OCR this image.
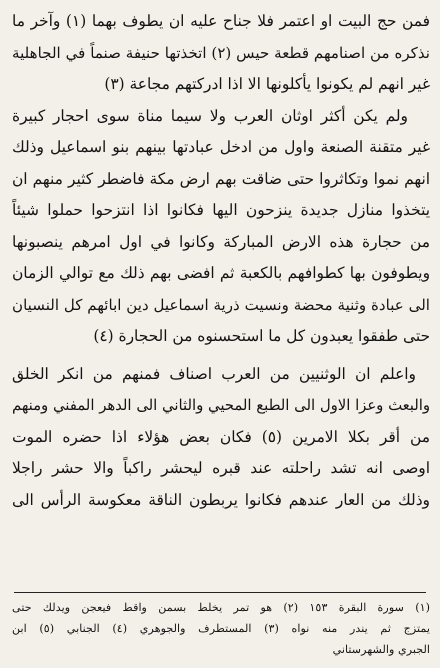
فمن حج البيت او اعتمر فلا جناح عليه ان يطوف بهما (١) وآخر ما
نذكره من اصنامهم قطعة حيس (٢) اتخذتها حنيفة صنماً في الجاهلية
غير انهم لم يكونوا يأكلونها الا اذا ادركتهم مجاعة (٣)
ولم يكن أكثر اوثان العرب ولا سيما مناة سوى احجار كبيرة
غير متقنة الصنعة واول من ادخل عبادتها بينهم بنو اسماعيل وذلك
انهم نموا وتكاثروا حتى ضاقت بهم ارض مكة فاضطر كثير منهم ان
يتخذوا منازل جديدة ينزحون اليها فكانوا اذا انتزحوا حملوا شيئاً
من حجارة هذه الارض المباركة وكانوا في اول امرهم ينصبونها
ويطوفون بها كطوافهم بالكعبة ثم افضى بهم ذلك مع توالي الزمان
الى عبادة وثنية محضة ونسيت ذرية اسماعيل دين ابائهم كل النسيان
حتى طفقوا يعبدون كل ما استحسنوه من الحجارة (٤)
واعلم ان الوثنيين من العرب اصناف فمنهم من انكر الخلق
والبعث وعزا الاول الى الطبع المحيي والثاني الى الدهر المفني ومنهم
من أقر بكلا الامرين (٥) فكان بعض هؤلاء اذا حضره الموت
اوصى انه تشد راحلته عند قبره ليحشر راكباً والا حشر راجلا
وذلك من العار عندهم فكانوا يربطون الناقة معكوسة الرأس الى
(١) سورة البقرة ١٥٣ (٢) هو تمر يخلط بسمن واقط فيعجن ويدلك حتى
يمتزج ثم يندر منه نواه (٣) المستطرف والجوهري (٤) الجنابي (٥) ابن
الجبري والشهرستاني
